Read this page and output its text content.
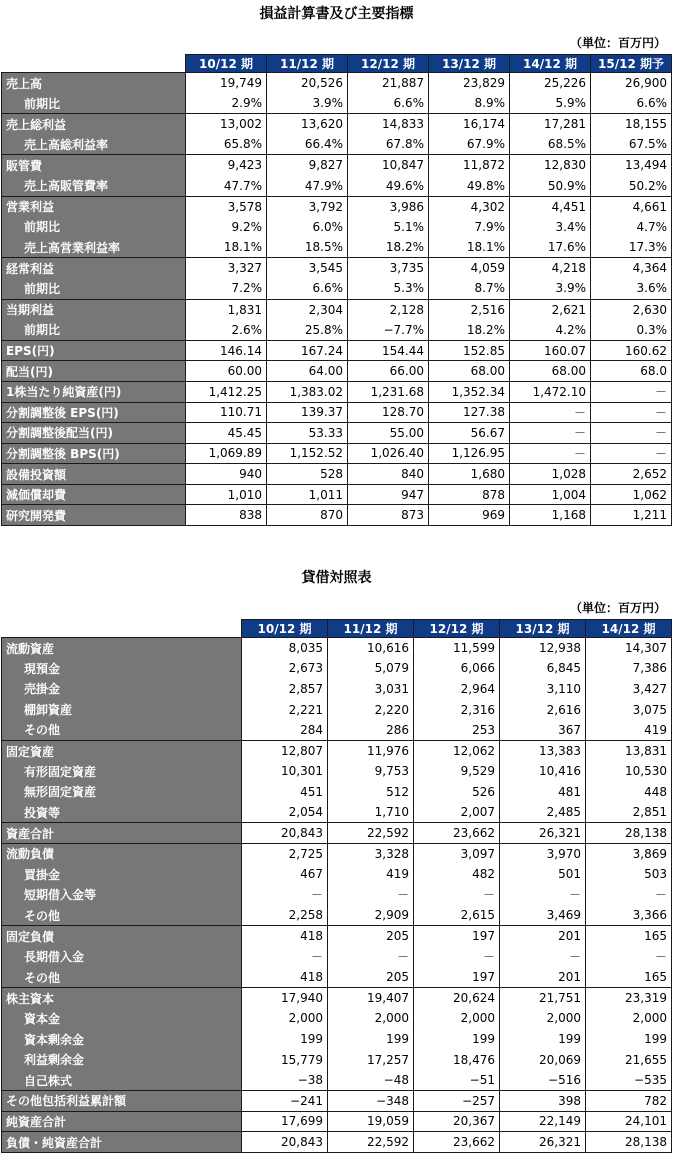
損益計算書及び主要指標
（単位：百万円）
	10/12 期	11/12 期	12/12 期	13/12 期	14/12 期	15/12 期予
売上高	19,749	20,526	21,887	23,829	25,226	26,900
前期比	2.9%	3.9%	6.6%	8.9%	5.9%	6.6%
売上総利益	13,002	13,620	14,833	16,174	17,281	18,155
売上高総利益率	65.8%	66.4%	67.8%	67.9%	68.5%	67.5%
販管費	9,423	9,827	10,847	11,872	12,830	13,494
売上高販管費率	47.7%	47.9%	49.6%	49.8%	50.9%	50.2%
営業利益	3,578	3,792	3,986	4,302	4,451	4,661
前期比	9.2%	6.0%	5.1%	7.9%	3.4%	4.7%
売上高営業利益率	18.1%	18.5%	18.2%	18.1%	17.6%	17.3%
経常利益	3,327	3,545	3,735	4,059	4,218	4,364
前期比	7.2%	6.6%	5.3%	8.7%	3.9%	3.6%
当期利益	1,831	2,304	2,128	2,516	2,621	2,630
前期比	2.6%	25.8%	−7.7%	18.2%	4.2%	0.3%
EPS(円)	146.14	167.24	154.44	152.85	160.07	160.62
配当(円)	60.00	64.00	66.00	68.00	68.00	68.0
1株当たり純資産(円)	1,412.25	1,383.02	1,231.68	1,352.34	1,472.10	－
分割調整後 EPS(円)	110.71	139.37	128.70	127.38	－	－
分割調整後配当(円)	45.45	53.33	55.00	56.67	－	－
分割調整後 BPS(円)	1,069.89	1,152.52	1,026.40	1,126.95	－	－
設備投資額	940	528	840	1,680	1,028	2,652
減価償却費	1,010	1,011	947	878	1,004	1,062
研究開発費	838	870	873	969	1,168	1,211
貸借対照表
（単位：百万円）
	10/12 期	11/12 期	12/12 期	13/12 期	14/12 期
流動資産	8,035	10,616	11,599	12,938	14,307
現預金	2,673	5,079	6,066	6,845	7,386
売掛金	2,857	3,031	2,964	3,110	3,427
棚卸資産	2,221	2,220	2,316	2,616	3,075
その他	284	286	253	367	419
固定資産	12,807	11,976	12,062	13,383	13,831
有形固定資産	10,301	9,753	9,529	10,416	10,530
無形固定資産	451	512	526	481	448
投資等	2,054	1,710	2,007	2,485	2,851
資産合計	20,843	22,592	23,662	26,321	28,138
流動負債	2,725	3,328	3,097	3,970	3,869
買掛金	467	419	482	501	503
短期借入金等	－	－	－	－	－
その他	2,258	2,909	2,615	3,469	3,366
固定負債	418	205	197	201	165
長期借入金	－	－	－	－	－
その他	418	205	197	201	165
株主資本	17,940	19,407	20,624	21,751	23,319
資本金	2,000	2,000	2,000	2,000	2,000
資本剰余金	199	199	199	199	199
利益剰余金	15,779	17,257	18,476	20,069	21,655
自己株式	−38	−48	−51	−516	−535
その他包括利益累計額	−241	−348	−257	398	782
純資産合計	17,699	19,059	20,367	22,149	24,101
負債・純資産合計	20,843	22,592	23,662	26,321	28,138
